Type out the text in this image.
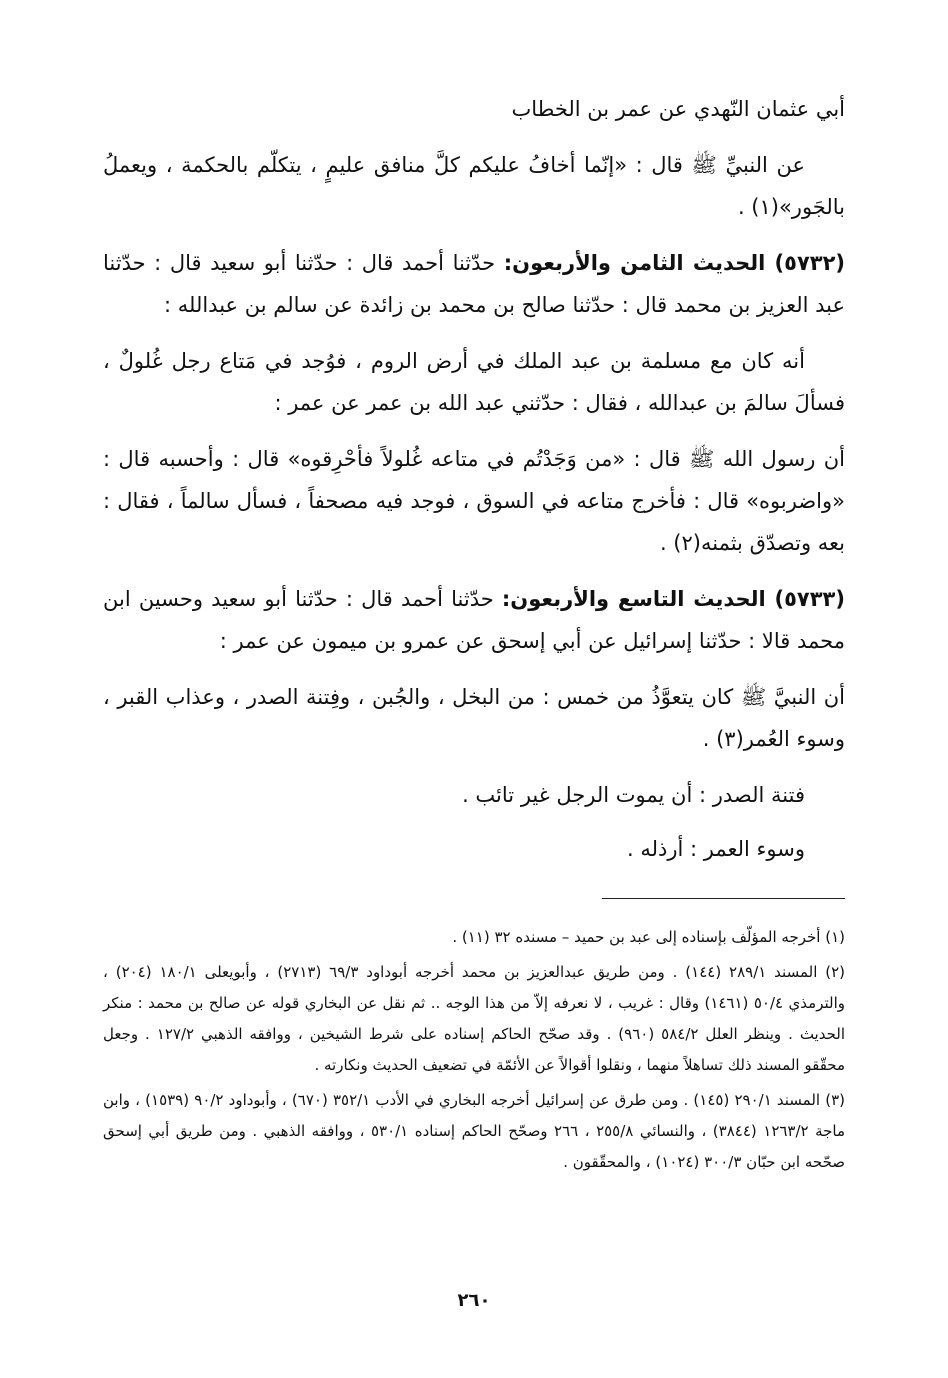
أبي عثمان النّهدي عن عمر بن الخطاب

عن النبيِّ ﷺ قال : «إنّما أخافُ عليكم كلَّ منافق عليمٍ ، يتكلّم بالحكمة ، ويعملُ بالجَور»(١) .

(٥٧٣٢) الحديث الثامن والأربعون: حدّثنا أحمد قال : حدّثنا أبو سعيد قال : حدّثنا عبد العزيز بن محمد قال : حدّثنا صالح بن محمد بن زائدة عن سالم بن عبدالله :

أنه كان مع مسلمة بن عبد الملك في أرض الروم ، فوُجد في مَتاع رجل غُلولٌ ، فسألَ سالمَ بن عبدالله ، فقال : حدّثني عبد الله بن عمر عن عمر :

أن رسول الله ﷺ قال : «من وَجَدْتُم في متاعه غُلولاً فأحْرِقوه» قال : وأحسبه قال : «واضربوه» قال : فأخرج متاعه في السوق ، فوجد فيه مصحفاً ، فسأل سالماً ، فقال : بعه وتصدّق بثمنه(٢) .

(٥٧٣٣) الحديث التاسع والأربعون: حدّثنا أحمد قال : حدّثنا أبو سعيد وحسين ابن محمد قالا : حدّثنا إسرائيل عن أبي إسحق عن عمرو بن ميمون عن عمر :

أن النبيَّ ﷺ كان يتعوَّذُ من خمس : من البخل ، والجُبن ، وفِتنة الصدر ، وعذاب القبر ، وسوء العُمر(٣) .

فتنة الصدر : أن يموت الرجل غير تائب .

وسوء العمر : أرذله .

(١) أخرجه المؤلّف بإسناده إلى عبد بن حميد – مسنده ٣٢ (١١) .

(٢) المسند ٢٨٩/١ (١٤٤) . ومن طريق عبدالعزيز بن محمد أخرجه أبوداود ٦٩/٣ (٢٧١٣) ، وأبويعلى ١٨٠/١ (٢٠٤) ، والترمذي ٥٠/٤ (١٤٦١) وقال : غريب ، لا نعرفه إلاّ من هذا الوجه .. ثم نقل عن البخاري قوله عن صالح بن محمد : منكر الحديث . وينظر العلل ٥٨٤/٢ (٩٦٠) . وقد صحّح الحاكم إسناده على شرط الشيخين ، ووافقه الذهبي ١٢٧/٢ . وجعل محقّقو المسند ذلك تساهلاً منهما ، ونقلوا أقوالاً عن الأئمّة في تضعيف الحديث ونكارته .

(٣) المسند ٢٩٠/١ (١٤٥) . ومن طرق عن إسرائيل أخرجه البخاري في الأدب ٣٥٢/١ (٦٧٠) ، وأبوداود ٩٠/٢ (١٥٣٩) ، وابن ماجة ١٢٦٣/٢ (٣٨٤٤) ، والنسائي ٢٥٥/٨ ، ٢٦٦ وصحّح الحاكم إسناده ٥٣٠/١ ، ووافقه الذهبي . ومن طريق أبي إسحق صحّحه ابن حبّان ٣٠٠/٣ (١٠٢٤) ، والمحقّقون .

٢٦٠
